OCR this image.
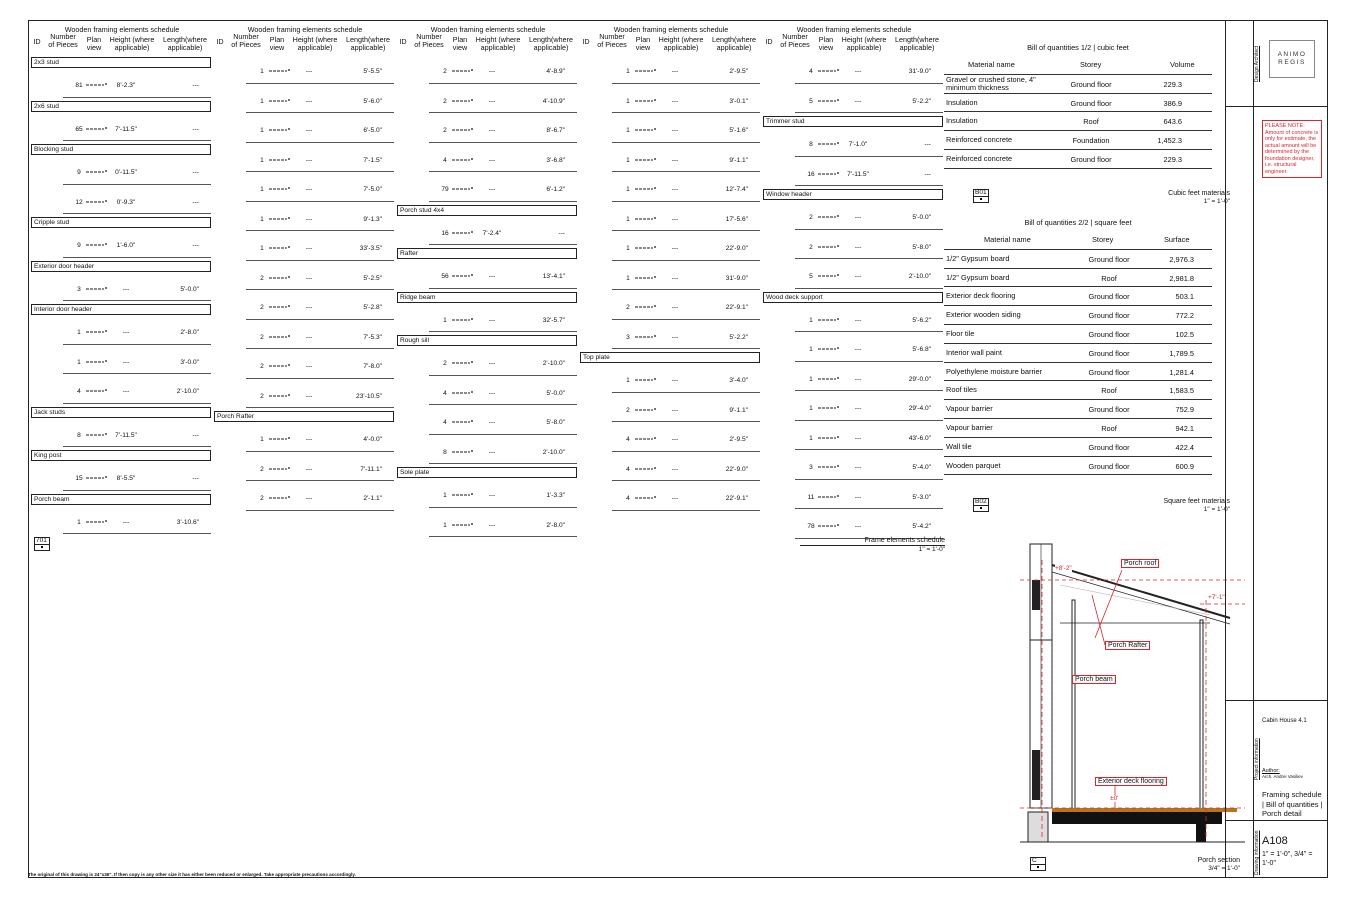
Wooden framing elements schedule
ID
Number of Pieces
Plan view
Height (where applicable)
Length(where applicable)
2x3 stud
81	8'-2.3"	---
2x6 stud
65	7'-11.5"	---
Blocking stud
9	0'-11.5"	---
12	0'-9.3"	---
Cripple stud
9	1'-6.0"	---
Exterior door header
3	---	5'-0.0"
Interior door header
1	---	2'-8.0"
1	---	3'-0.0"
4	---	2'-10.0"
Jack studs
8	7'-11.5"	---
King post
15	8'-5.5"	---
Porch beam
1	---	3'-10.6"
Wooden framing elements schedule
ID
Number of Pieces
Plan view
Height (where applicable)
Length(where applicable)
1	---	5'-5.5"
1	---	5'-6.0"
1	---	6'-5.0"
1	---	7'-1.5"
1	---	7'-5.0"
1	---	9'-1.3"
1	---	33'-3.5"
2	---	5'-2.5"
2	---	5'-2.8"
2	---	7'-5.3"
2	---	7'-8.0"
2	---	23'-10.5"
Porch Rafter
1	---	4'-0.0"
2	---	7'-11.1"
2	---	2'-1.1"
Wooden framing elements schedule
ID
Number of Pieces
Plan view
Height (where applicable)
Length(where applicable)
2	---	4'-8.9"
2	---	4'-10.9"
2	---	8'-6.7"
4	---	3'-6.8"
79	---	6'-1.2"
Porch stud 4x4
16	7'-2.4"	---
Rafter
56	---	13'-4.1"
Ridge beam
1	---	32'-5.7"
Rough sill
2	---	2'-10.0"
4	---	5'-0.0"
4	---	5'-8.0"
8	---	2'-10.0"
Sole plate
1	---	1'-3.3"
1	---	2'-8.0"
Wooden framing elements schedule
ID
Number of Pieces
Plan view
Height (where applicable)
Length(where applicable)
1	---	2'-9.5"
1	---	3'-0.1"
1	---	5'-1.6"
1	---	9'-1.1"
1	---	12'-7.4"
1	---	17'-5.6"
1	---	22'-9.0"
1	---	31'-9.0"
2	---	22'-9.1"
3	---	5'-2.2"
Top plate
1	---	3'-4.0"
2	---	9'-1.1"
4	---	2'-9.5"
4	---	22'-9.0"
4	---	22'-9.1"
Wooden framing elements schedule
ID
Number of Pieces
Plan view
Height (where applicable)
Length(where applicable)
4	---	31'-9.0"
5	---	5'-2.2"
Trimmer stud
8	7'-1.0"	---
16	7'-11.5"	---
Window header
2	---	5'-0.0"
2	---	5'-8.0"
5	---	2'-10.0"
Wood deck support
1	---	5'-6.2"
1	---	5'-6.8"
1	---	29'-0.0"
1	---	29'-4.0"
1	---	43'-6.0"
3	---	5'-4.0"
11	---	5'-3.0"
78	---	5'-4.2"
701	Frame elements schedule
1" = 1'-0"
Bill of quantities 1/2 | cubic feet
Material name	Storey	Volume
Gravel or crushed stone, 4" minimum thickness	Ground floor	229.3
Insulation	Ground floor	386.9
Insulation	Roof	643.6
Reinforced concrete	Foundation	1,452.3
Reinforced concrete	Ground floor	229.3
B01	Cubic feet materials
1" = 1'-0"
Bill of quantities 2/2 | square feet
Material name	Storey	Surface
1/2" Gypsum board	Ground floor	2,976.3
1/2" Gypsum board	Roof	2,981.8
Exterior deck flooring	Ground floor	503.1
Exterior wooden siding	Ground floor	772.2
Floor tile	Ground floor	102.5
Interior wall paint	Ground floor	1,789.5
Polyethylene moisture barrier	Ground floor	1,281.4
Roof tiles	Roof	1,583.5
Vapour barrier	Ground floor	752.9
Vapour barrier	Roof	942.1
Wall tile	Ground floor	422.4
Wooden parquet	Ground floor	600.9
B02	Square feet materials
1" = 1'-0"
Porch roof
Porch Rafter
Porch beam
Exterior deck flooring
+8'-2"
+7'-1"
±0'
C	Porch section
3/4" = 1'-0"
ANIMO
REGIS
PLEASE NOTE: Amount of concrete is only for estimate, the actual amount will be determined by the foundation designer, i.e. structural engineer.
Cabin House 4.1
Author:
Arch. Andrei Vasiliev
Framing schedule | Bill of quantities | Porch detail
A108
1" = 1'-0", 3/4" = 1'-0"
Design Architect
Project information
Drawing information
The original of this drawing is 24"x36". If then copy is any other size it has either been reduced or enlarged. Take appropriate precautions accordingly.
